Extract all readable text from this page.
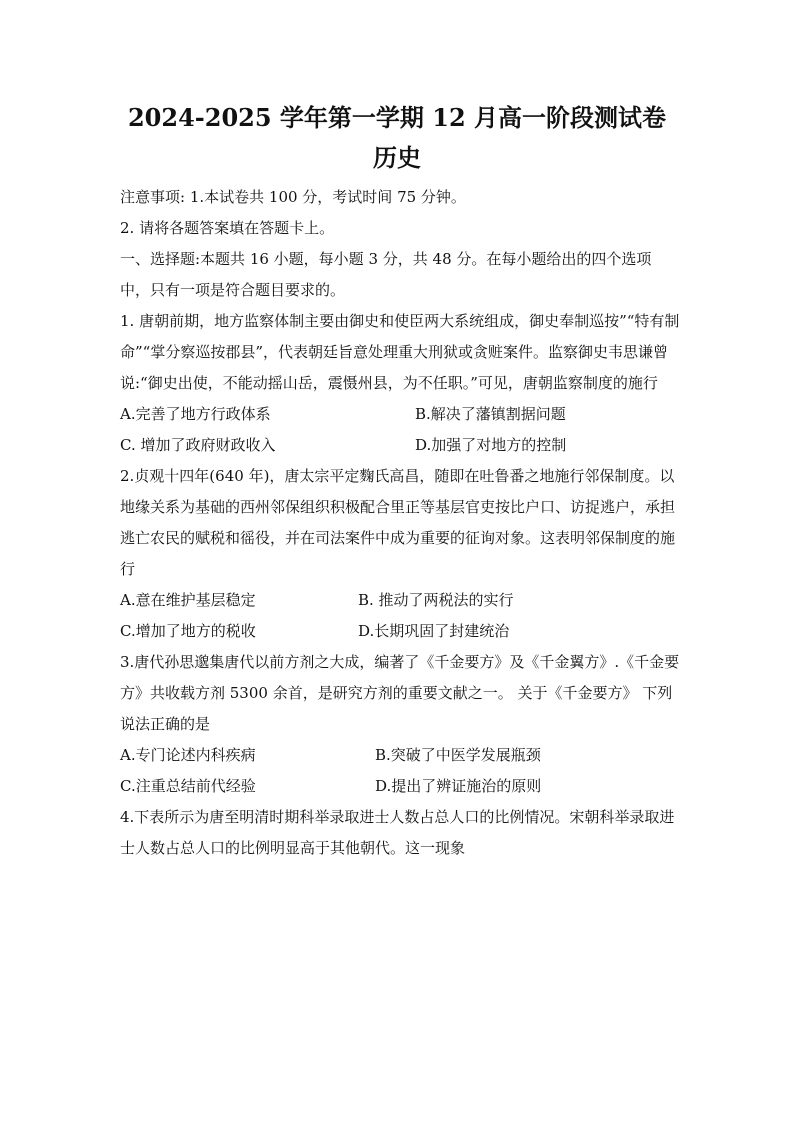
2024-2025 学年第一学期 12 月高一阶段测试卷
历史

注意事项: 1.本试卷共 100 分，考试时间 75 分钟。

2. 请将各题答案填在答题卡上。

一、选择题:本题共 16 小题，每小题 3 分，共 48 分。在每小题给出的四个选项中，只有一项是符合题目要求的。

1. 唐朝前期，地方监察体制主要由御史和使臣两大系统组成，御史奉制巡按”“特有制命”“掌分察巡按郡县”，代表朝廷旨意处理重大刑狱或贪赃案件。监察御史韦思谦曾说:“御史出使，不能动摇山岳，震慑州县，为不任职。”可见，唐朝监察制度的施行

A.完善了地方行政体系	B.解决了藩镇割据问题
C. 增加了政府财政收入	D.加强了对地方的控制

2.贞观十四年(640 年)，唐太宗平定麴氏高昌，随即在吐鲁番之地施行邻保制度。以地缘关系为基础的西州邻保组织积极配合里正等基层官吏按比户口、访捉逃户，承担逃亡农民的赋税和徭役，并在司法案件中成为重要的征询对象。这表明邻保制度的施行

A.意在维护基层稳定	B. 推动了两税法的实行
C.增加了地方的税收	D.长期巩固了封建统治

3.唐代孙思邈集唐代以前方剂之大成，编著了《千金要方》及《千金翼方》.《千金要方》共收载方剂 5300 余首，是研究方剂的重要文献之一。 关于《千金要方》 下列说法正确的是

A.专门论述内科疾病	B.突破了中医学发展瓶颈
C.注重总结前代经验	D.提出了辨证施治的原则

4.下表所示为唐至明清时期科举录取进士人数占总人口的比例情况。宋朝科举录取进士人数占总人口的比例明显高于其他朝代。这一现象
